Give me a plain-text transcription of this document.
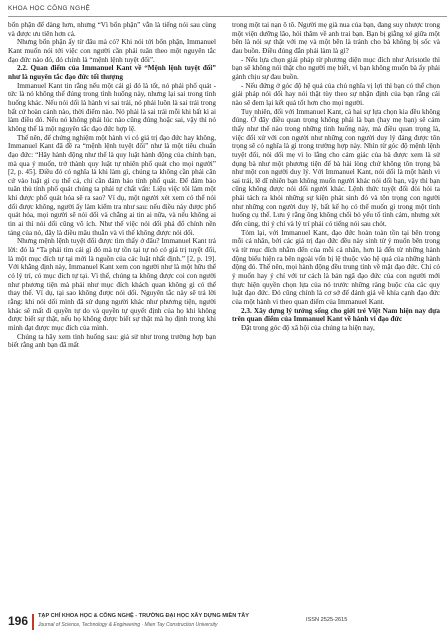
KHOA HỌC CÔNG NGHỆ

bổn phận để dàng hơn, nhưng “Vì bổn phận” vẫn là tiếng nói sau cùng và được ưu tiên hơn cả.

Nhưng bổn phận ấy từ đâu mà có? Khi nói tới bổn phận, Immanuel Kant muốn nói tới việc con người cần phải tuân theo một nguyên tắc đạo đức nào đó, đó chính là “mệnh lệnh tuyệt đối”.

2.2. Quan điểm của Immanuel Kant về “Mệnh lệnh tuyệt đối” như là nguyên tắc đạo đức tối thượng

Immanuel Kant tin rằng nếu một cái gì đó là tốt, nó phải phổ quát - tức là nó không thể đúng trong tình huống này, nhưng lại sai trong tình huống khác. Nếu nói dối là hành vi sai trái, nó phải luôn là sai trái trong bất cứ hoàn cảnh nào, thời điểm nào. Nó phải là sai trái mỗi khi bất kì ai làm điều đó. Nếu nó không phải lúc nào cũng đúng hoặc sai, vậy thì nó không thể là một nguyên tắc đạo đức hợp lệ.

Thế nên, để chứng nghiệm một hành vi có giá trị đạo đức hay không, Immanuel Kant đã đề ra “mệnh lệnh tuyệt đối” như là một tiêu chuẩn đạo đức: “Hãy hành động như thể là quy luật hành động của chính bạn, mà qua ý muốn, trở thành quy luật tự nhiên phổ quát cho mọi người” [2, p. 45]. Điều đó có nghĩa là khi làm gì, chúng ta không cần phải căn cứ vào luật gì cụ thể cả, chỉ cần đảm bảo tính phổ quát. Để đảm bảo tuân thủ tính phổ quát chúng ta phải tự chất vấn: Liệu việc tôi làm một khi được phổ quát hóa sẽ ra sao? Ví dụ, một người xét xem có thể nói dối được không, người ấy làm kiểm tra như sau: nếu điều này được phổ quát hóa, mọi người sẽ nói dối và chẳng ai tin ai nữa, và nếu không ai tin ai thì nói dối cũng vô ích. Như thế việc nói dối phá đổ chính nền tảng của nó, đây là điều mâu thuẫn và vì thế không được nói dối.

Nhưng mệnh lệnh tuyệt đối được tìm thấy ở đâu? Immanuel Kant trả lời: đó là “Ta phải tìm cái gì đó mà tự tồn tại tự nó có giá trị tuyệt đối, là một mục đích tự tại mới là nguồn của các luật nhất định.” [2, p. 19]. Với khẳng định này, Immanuel Kant xem con người như là một hữu thể có lý trí, có mục đích tự tại. Vì thế, chúng ta không được coi con người như phương tiện mà phải như mục đích khách quan không gì có thể thay thế. Ví dụ, tại sao không được nói dối. Nguyên tắc này sẽ trả lời rằng: khi nói dối mình đã sử dụng người khác như phương tiện, người khác sẽ mất đi quyền tự do và quyền tự quyết định của họ khi không được biết sự thật, nếu họ không được biết sự thật mà họ định trong khi mình đạt được mục đích của mình.

Chúng ta hãy xem tình huống sau: giả sử như trong trường hợp bạn biết rằng anh bạn đã mất

trong một tai nạn ô tô. Người mẹ già nua của bạn, đang suy nhược trong một viện dưỡng lão, hỏi thăm về anh trai bạn. Bạn bị giằng xé giữa một bên là nói sự thật với mẹ và một bên là tránh cho bà không bị sốc và đau buồn. Điều đúng đắn phải làm là gì?

- Nếu lựa chọn giải pháp từ phương diện mục đích như Aristotle thì bạn sẽ không nói thật cho người mẹ biết, vì bạn không muốn bà ấy phải gánh chịu sự đau buồn.

- Nếu đứng ở góc độ hệ quả của chủ nghĩa vị lợi thì bạn có thể chọn giải pháp nói dối hay nói thật tùy theo sự nhận định của bạn rằng cái nào sẽ đem lại kết quả tốt hơn cho mọi người.

Tuy nhiên, đối với Immanuel Kant, cả hai sự lựa chọn kia đều không đúng. Ở đây điều quan trọng không phải là bạn (hay mẹ bạn) sẽ cảm thấy như thế nào trong những tình huống này, mà điều quan trọng là, việc đối xử với con người như những con người duy lý đáng được tôn trọng sẽ có nghĩa là gì trong trường hợp này. Nhìn từ góc độ mệnh lệnh tuyệt đối, nói dối mẹ vì lo lắng cho cảm giác của bà được xem là sử dụng bà như một phương tiện để bà hài lòng chứ không tôn trọng bà như một con người duy lý. Với Immanuel Kant, nói dối là một hành vi sai trái, lẽ dĩ nhiên bạn không muốn người khác nói dối bạn, vậy thì bạn cũng không được nói dối người khác. Lệnh thức tuyệt đối đòi hỏi ta phải tách ra khỏi những sự kiện phát sinh đó và tôn trọng con người như những con người duy lý, bất kể họ có thể muốn gì trong một tình huống cụ thể. Lưu ý rằng ông không chối bỏ yếu tố tình cảm, nhưng xét đến cùng, thì ý chí và lý trí phải có tiếng nói sau chót.

Tóm lại, với Immanuel Kant, đạo đức hoàn toàn tồn tại bên trong mỗi cá nhân, bởi các giá trị đạo đức đều này sinh từ ý muốn bên trong và từ mục đích nhằm đến của mỗi cá nhân, hơn là đến từ những hành động biểu hiện ra bên ngoài vốn bị lệ thuộc vào hệ quả của những hành động đó. Thế nên, mọi hành động đều trung tính về mặt đạo đức. Chỉ có ý muốn hay ý chí với tư cách là bản ngã đạo đức của con người mới thực hiện quyền chọn lựa của nó trước những ràng buộc của các quy luật đạo đức. Đó cũng chính là cơ sở để đánh giá về khía cạnh đạo đức của một hành vi theo quan điểm của Immanuel Kant.

2.3. Xây dựng lý tưởng sống cho giới trẻ Việt Nam hiện nay dựa trên quan điểm của Immanuel Kant về hành vi đạo đức

Đặt trong góc độ xã hội của chúng ta hiện nay,

196 TẠP CHÍ KHOA HỌC & CÔNG NGHỆ - TRƯỜNG ĐẠI HỌC XÂY DỰNG MIỀN TÂY
Journal of Science, Technology & Engineering · Mien Tay Construction University
ISSN 2525-2615
